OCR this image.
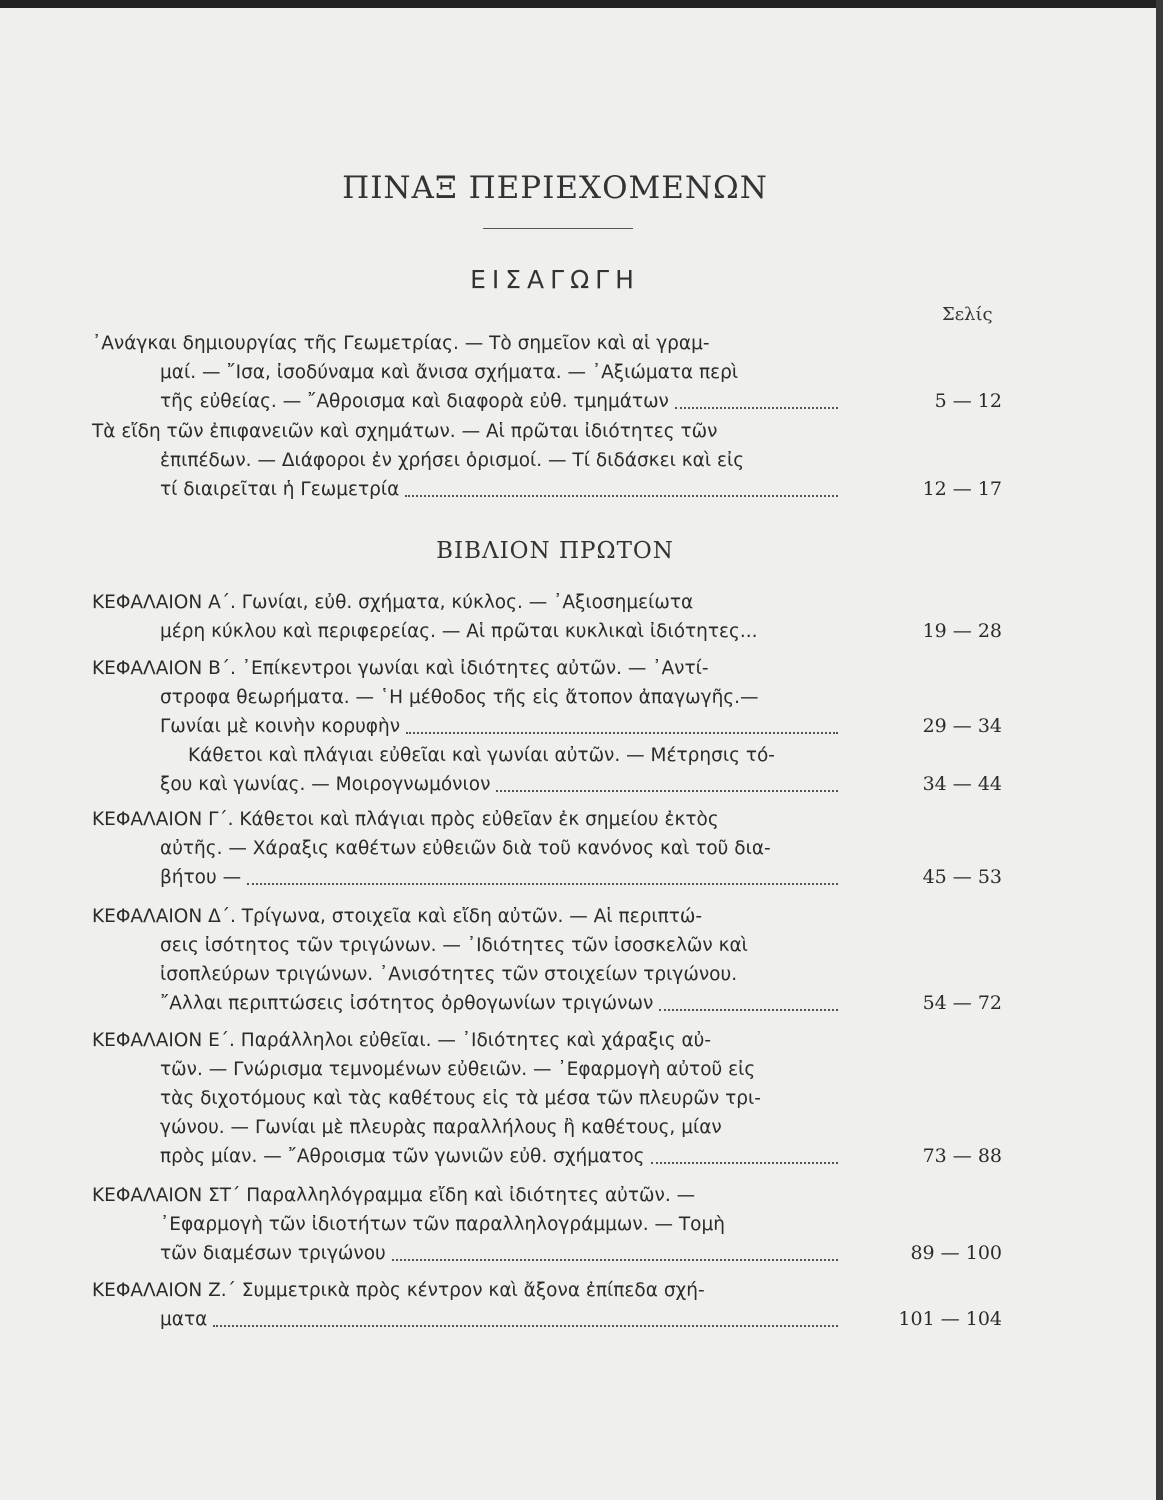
ΠΙΝΑΞ ΠΕΡΙΕΧΟΜΕΝΩΝ
ΕΙΣΑΓΩΓΗ
Σελίς
᾿Ανάγκαι δημιουργίας τῆς Γεωμετρίας. — Τὸ σημεῖον καὶ αἱ γραμ-
μαί. — ῎Ισα, ἰσοδύναμα καὶ ἄνισα σχήματα. — ᾿Αξιώματα περὶ
τῆς εὐθείας. — ῎Αθροισμα καὶ διαφορὰ εὐθ. τμημάτων	5 — 12
Τὰ εἴδη τῶν ἐπιφανειῶν καὶ σχημάτων. — Αἱ πρῶται ἰδιότητες τῶν
ἐπιπέδων. — Διάφοροι ἐν χρήσει ὁρισμοί. — Τί διδάσκει καὶ εἰς
τί διαιρεῖται ἡ Γεωμετρία	12 — 17
ΒΙΒΛΙΟΝ ΠΡΩΤΟΝ
ΚΕΦΑΛΑΙΟΝ Α΄. Γωνίαι, εὐθ. σχήματα, κύκλος. — ᾿Αξιοσημείωτα
μέρη κύκλου καὶ περιφερείας. — Αἱ πρῶται κυκλικαὶ ἰδιότητες...	19 — 28
ΚΕΦΑΛΑΙΟΝ Β΄. ᾿Επίκεντροι γωνίαι καὶ ἰδιότητες αὐτῶν. — ᾿Αντί-
στροφα θεωρήματα. — ῾Η μέθοδος τῆς εἰς ἄτοπον ἀπαγωγῆς.—
Γωνίαι μὲ κοινὴν κορυφὴν	29 — 34
Κάθετοι καὶ πλάγιαι εὐθεῖαι καὶ γωνίαι αὐτῶν. — Μέτρησις τό-
ξου καὶ γωνίας. — Μοιρογνωμόνιον	34 — 44
ΚΕΦΑΛΑΙΟΝ Γ΄. Κάθετοι καὶ πλάγιαι πρὸς εὐθεῖαν ἐκ σημείου ἐκτὸς
αὐτῆς. — Χάραξις καθέτων εὐθειῶν διὰ τοῦ κανόνος καὶ τοῦ δια-
βήτου —	45 — 53
ΚΕΦΑΛΑΙΟΝ Δ΄. Τρίγωνα, στοιχεῖα καὶ εἴδη αὐτῶν. — Αἱ περιπτώ-
σεις ἰσότητος τῶν τριγώνων. — ᾿Ιδιότητες τῶν ἰσοσκελῶν καὶ
ἰσοπλεύρων τριγώνων. ᾿Ανισότητες τῶν στοιχείων τριγώνου.
῎Αλλαι περιπτώσεις ἰσότητος ὀρθογωνίων τριγώνων	54 — 72
ΚΕΦΑΛΑΙΟΝ Ε΄. Παράλληλοι εὐθεῖαι. — ᾿Ιδιότητες καὶ χάραξις αὐ-
τῶν. — Γνώρισμα τεμνομένων εὐθειῶν. — ᾿Εφαρμογὴ αὐτοῦ εἰς
τὰς διχοτόμους καὶ τὰς καθέτους εἰς τὰ μέσα τῶν πλευρῶν τρι-
γώνου. — Γωνίαι μὲ πλευρὰς παραλλήλους ἢ καθέτους, μίαν
πρὸς μίαν. — ῎Αθροισμα τῶν γωνιῶν εὐθ. σχήματος	73 — 88
ΚΕΦΑΛΑΙΟΝ ΣΤ΄ Παραλληλόγραμμα εἴδη καὶ ἰδιότητες αὐτῶν. —
᾿Εφαρμογὴ τῶν ἰδιοτήτων τῶν παραλληλογράμμων. — Τομὴ
τῶν διαμέσων τριγώνου	89 — 100
ΚΕΦΑΛΑΙΟΝ Ζ.΄ Συμμετρικὰ πρὸς κέντρον καὶ ἄξονα ἐπίπεδα σχή-
ματα	101 — 104
